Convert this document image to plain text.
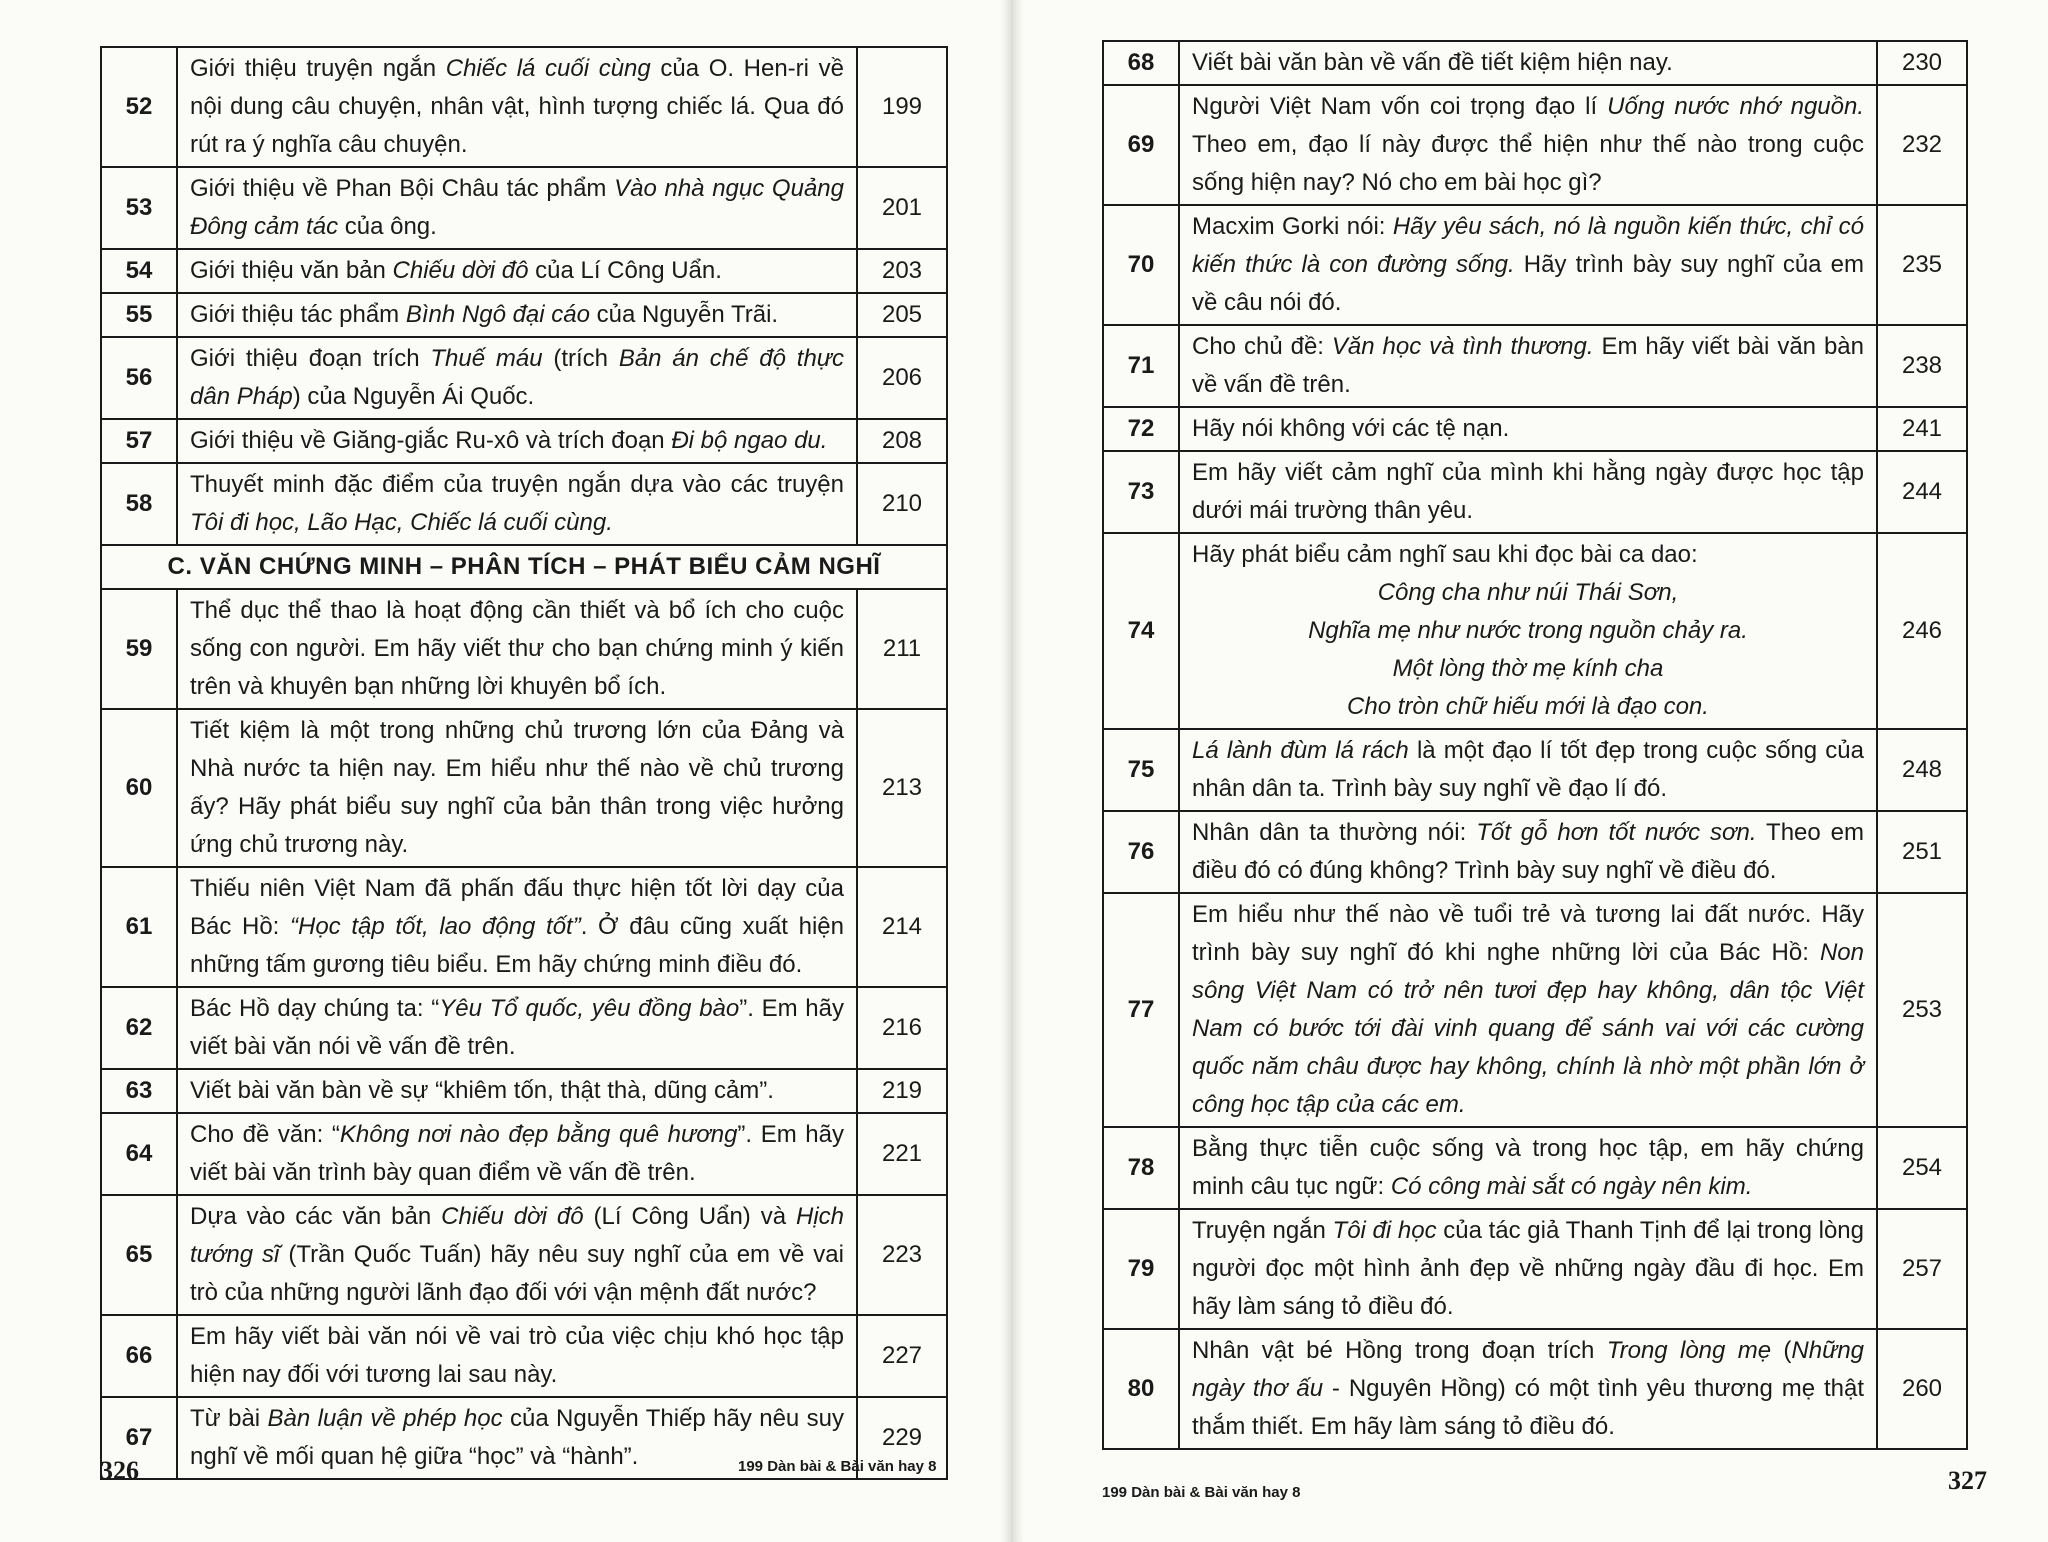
52	Giới thiệu truyện ngắn Chiếc lá cuối cùng của O. Hen-ri về nội dung câu chuyện, nhân vật, hình tượng chiếc lá. Qua đó rút ra ý nghĩa câu chuyện.	199
53	Giới thiệu về Phan Bội Châu tác phẩm Vào nhà ngục Quảng Đông cảm tác của ông.	201
54	Giới thiệu văn bản Chiếu dời đô của Lí Công Uẩn.	203
55	Giới thiệu tác phẩm Bình Ngô đại cáo của Nguyễn Trãi.	205
56	Giới thiệu đoạn trích Thuế máu (trích Bản án chế độ thực dân Pháp) của Nguyễn Ái Quốc.	206
57	Giới thiệu về Giăng-giắc Ru-xô và trích đoạn Đi bộ ngao du.	208
58	Thuyết minh đặc điểm của truyện ngắn dựa vào các truyện Tôi đi học, Lão Hạc, Chiếc lá cuối cùng.	210
C. VĂN CHỨNG MINH – PHÂN TÍCH – PHÁT BIỂU CẢM NGHĨ		
59	Thể dục thể thao là hoạt động cần thiết và bổ ích cho cuộc sống con người. Em hãy viết thư cho bạn chứng minh ý kiến trên và khuyên bạn những lời khuyên bổ ích.	211
60	Tiết kiệm là một trong những chủ trương lớn của Đảng và Nhà nước ta hiện nay. Em hiểu như thế nào về chủ trương ấy? Hãy phát biểu suy nghĩ của bản thân trong việc hưởng ứng chủ trương này.	213
61	Thiếu niên Việt Nam đã phấn đấu thực hiện tốt lời dạy của Bác Hồ: “Học tập tốt, lao động tốt”. Ở đâu cũng xuất hiện những tấm gương tiêu biểu. Em hãy chứng minh điều đó.	214
62	Bác Hồ dạy chúng ta: “Yêu Tổ quốc, yêu đồng bào”. Em hãy viết bài văn nói về vấn đề trên.	216
63	Viết bài văn bàn về sự “khiêm tốn, thật thà, dũng cảm”.	219
64	Cho đề văn: “Không nơi nào đẹp bằng quê hương”. Em hãy viết bài văn trình bày quan điểm về vấn đề trên.	221
65	Dựa vào các văn bản Chiếu dời đô (Lí Công Uẩn) và Hịch tướng sĩ (Trần Quốc Tuấn) hãy nêu suy nghĩ của em về vai trò của những người lãnh đạo đối với vận mệnh đất nước?	223
66	Em hãy viết bài văn nói về vai trò của việc chịu khó học tập hiện nay đối với tương lai sau này.	227
67	Từ bài Bàn luận về phép học của Nguyễn Thiếp hãy nêu suy nghĩ về mối quan hệ giữa “học” và “hành”.	229
326	199 Dàn bài & Bài văn hay 8
68	Viết bài văn bàn về vấn đề tiết kiệm hiện nay.	230
69	Người Việt Nam vốn coi trọng đạo lí Uống nước nhớ nguồn. Theo em, đạo lí này được thể hiện như thế nào trong cuộc sống hiện nay? Nó cho em bài học gì?	232
70	Macxim Gorki nói: Hãy yêu sách, nó là nguồn kiến thức, chỉ có kiến thức là con đường sống. Hãy trình bày suy nghĩ của em về câu nói đó.	235
71	Cho chủ đề: Văn học và tình thương. Em hãy viết bài văn bàn về vấn đề trên.	238
72	Hãy nói không với các tệ nạn.	241
73	Em hãy viết cảm nghĩ của mình khi hằng ngày được học tập dưới mái trường thân yêu.	244
74	Hãy phát biểu cảm nghĩ sau khi đọc bài ca dao:
Công cha như núi Thái Sơn,
Nghĩa mẹ như nước trong nguồn chảy ra.
Một lòng thờ mẹ kính cha
Cho tròn chữ hiếu mới là đạo con.	246
75	Lá lành đùm lá rách là một đạo lí tốt đẹp trong cuộc sống của nhân dân ta. Trình bày suy nghĩ về đạo lí đó.	248
76	Nhân dân ta thường nói: Tốt gỗ hơn tốt nước sơn. Theo em điều đó có đúng không? Trình bày suy nghĩ về điều đó.	251
77	Em hiểu như thế nào về tuổi trẻ và tương lai đất nước. Hãy trình bày suy nghĩ đó khi nghe những lời của Bác Hồ: Non sông Việt Nam có trở nên tươi đẹp hay không, dân tộc Việt Nam có bước tới đài vinh quang để sánh vai với các cường quốc năm châu được hay không, chính là nhờ một phần lớn ở công học tập của các em.	253
78	Bằng thực tiễn cuộc sống và trong học tập, em hãy chứng minh câu tục ngữ: Có công mài sắt có ngày nên kim.	254
79	Truyện ngắn Tôi đi học của tác giả Thanh Tịnh để lại trong lòng người đọc một hình ảnh đẹp về những ngày đầu đi học. Em hãy làm sáng tỏ điều đó.	257
80	Nhân vật bé Hồng trong đoạn trích Trong lòng mẹ (Những ngày thơ ấu - Nguyên Hồng) có một tình yêu thương mẹ thật thắm thiết. Em hãy làm sáng tỏ điều đó.	260
327
199 Dàn bài & Bài văn hay 8
